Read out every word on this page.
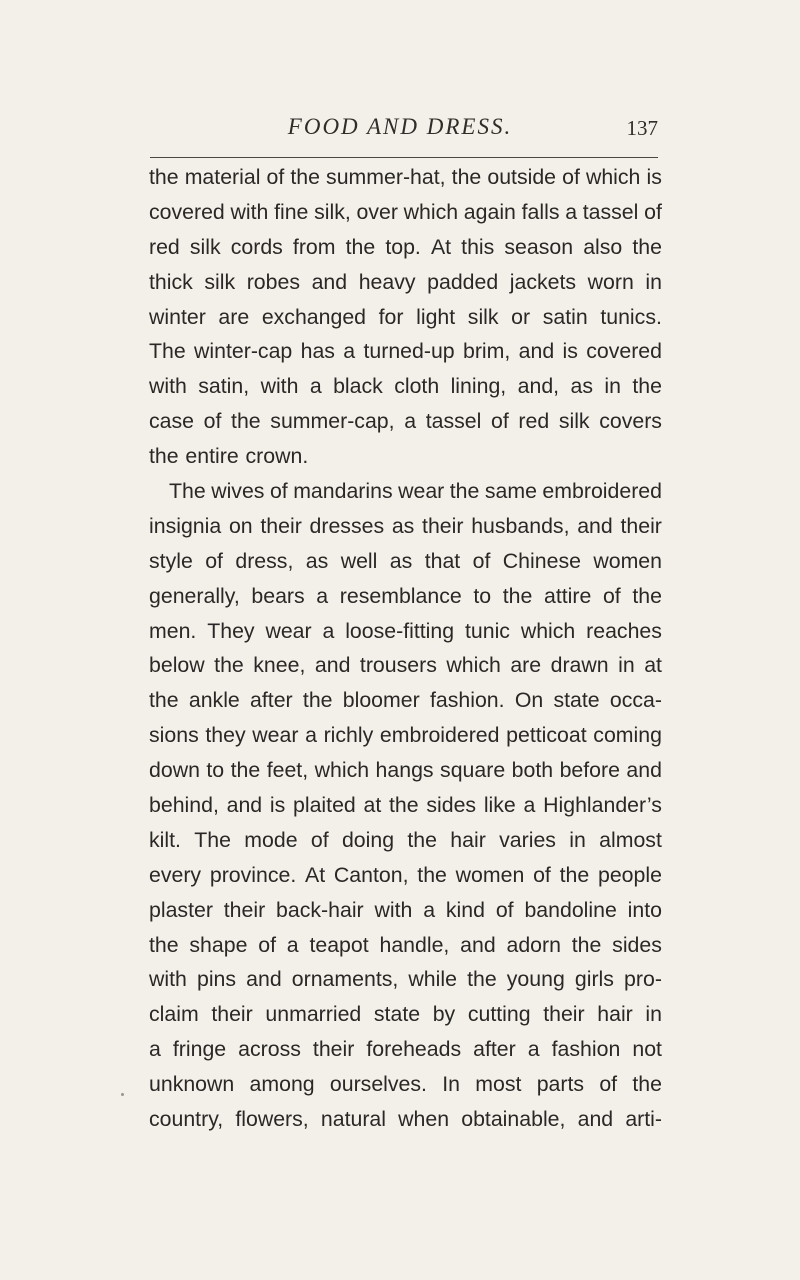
FOOD AND DRESS.	137
the material of the summer-hat, the outside of which is
covered with fine silk, over which again falls a tassel of
red silk cords from the top. At this season also the
thick silk robes and heavy padded jackets worn in
winter are exchanged for light silk or satin tunics.
The winter-cap has a turned-up brim, and is covered
with satin, with a black cloth lining, and, as in the
case of the summer-cap, a tassel of red silk covers
the entire crown.
The wives of mandarins wear the same embroidered
insignia on their dresses as their husbands, and their
style of dress, as well as that of Chinese women
generally, bears a resemblance to the attire of the
men. They wear a loose-fitting tunic which reaches
below the knee, and trousers which are drawn in at
the ankle after the bloomer fashion. On state occa-
sions they wear a richly embroidered petticoat coming
down to the feet, which hangs square both before and
behind, and is plaited at the sides like a Highlander’s
kilt. The mode of doing the hair varies in almost
every province. At Canton, the women of the people
plaster their back-hair with a kind of bandoline into
the shape of a teapot handle, and adorn the sides
with pins and ornaments, while the young girls pro-
claim their unmarried state by cutting their hair in
a fringe across their foreheads after a fashion not
unknown among ourselves. In most parts of the
country, flowers, natural when obtainable, and arti-
